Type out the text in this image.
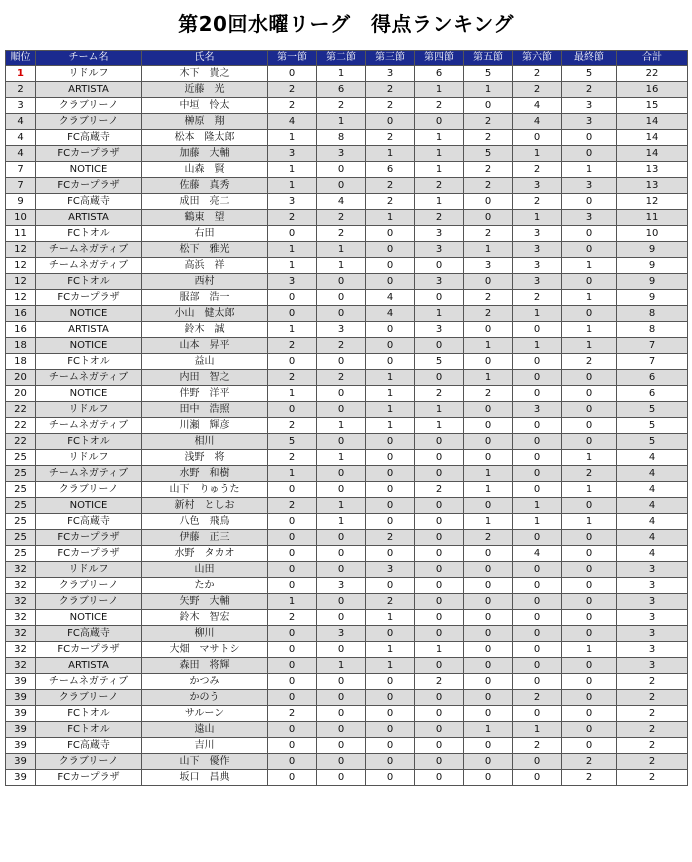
第20回水曜リーグ　得点ランキング
順位	チーム名	氏名	第一節	第二節	第三節	第四節	第五節	第六節	最終節	合計
1	リドルフ	木下　貴之	0	1	3	6	5	2	5	22
2	ARTISTA	近藤　光	2	6	2	1	1	2	2	16
3	クラブリーノ	中垣　怜太	2	2	2	2	0	4	3	15
4	クラブリーノ	榊原　翔	4	1	0	0	2	4	3	14
4	FC高蔵寺	松本　隆太郎	1	8	2	1	2	0	0	14
4	FCカープラザ	加藤　大輔	3	3	1	1	5	1	0	14
7	NOTICE	山森　賢	1	0	6	1	2	2	1	13
7	FCカープラザ	佐藤　真秀	1	0	2	2	2	3	3	13
9	FC高蔵寺	成田　亮二	3	4	2	1	0	2	0	12
10	ARTISTA	鶴東　望	2	2	1	2	0	1	3	11
11	FCトオル	右田	0	2	0	3	2	3	0	10
12	チームネガティブ	松下　雅光	1	1	0	3	1	3	0	9
12	チームネガティブ	高浜　祥	1	1	0	0	3	3	1	9
12	FCトオル	西村	3	0	0	3	0	3	0	9
12	FCカープラザ	服部　浩一	0	0	4	0	2	2	1	9
16	NOTICE	小山　健太郎	0	0	4	1	2	1	0	8
16	ARTISTA	鈴木　誠	1	3	0	3	0	0	1	8
18	NOTICE	山本　昇平	2	2	0	0	1	1	1	7
18	FCトオル	益山	0	0	0	5	0	0	2	7
20	チームネガティブ	内田　智之	2	2	1	0	1	0	0	6
20	NOTICE	伴野　洋平	1	0	1	2	2	0	0	6
22	リドルフ	田中　浩照	0	0	1	1	0	3	0	5
22	チームネガティブ	川瀬　輝彦	2	1	1	1	0	0	0	5
22	FCトオル	相川	5	0	0	0	0	0	0	5
25	リドルフ	浅野　将	2	1	0	0	0	0	1	4
25	チームネガティブ	水野　和樹	1	0	0	0	1	0	2	4
25	クラブリーノ	山下　りゅうた	0	0	0	2	1	0	1	4
25	NOTICE	新村　としお	2	1	0	0	0	1	0	4
25	FC高蔵寺	八色　飛鳥	0	1	0	0	1	1	1	4
25	FCカープラザ	伊藤　正三	0	0	2	0	2	0	0	4
25	FCカープラザ	水野　タカオ	0	0	0	0	0	4	0	4
32	リドルフ	山田	0	0	3	0	0	0	0	3
32	クラブリーノ	たか	0	3	0	0	0	0	0	3
32	クラブリーノ	矢野　大輔	1	0	2	0	0	0	0	3
32	NOTICE	鈴木　智宏	2	0	1	0	0	0	0	3
32	FC高蔵寺	柳川	0	3	0	0	0	0	0	3
32	FCカープラザ	大畑　マサトシ	0	0	1	1	0	0	1	3
32	ARTISTA	森田　将輝	0	1	1	0	0	0	0	3
39	チームネガティブ	かつみ	0	0	0	2	0	0	0	2
39	クラブリーノ	かのう	0	0	0	0	0	2	0	2
39	FCトオル	サルーン	2	0	0	0	0	0	0	2
39	FCトオル	遠山	0	0	0	0	1	1	0	2
39	FC高蔵寺	吉川	0	0	0	0	0	2	0	2
39	クラブリーノ	山下　優作	0	0	0	0	0	0	2	2
39	FCカープラザ	坂口　昌典	0	0	0	0	0	0	2	2
